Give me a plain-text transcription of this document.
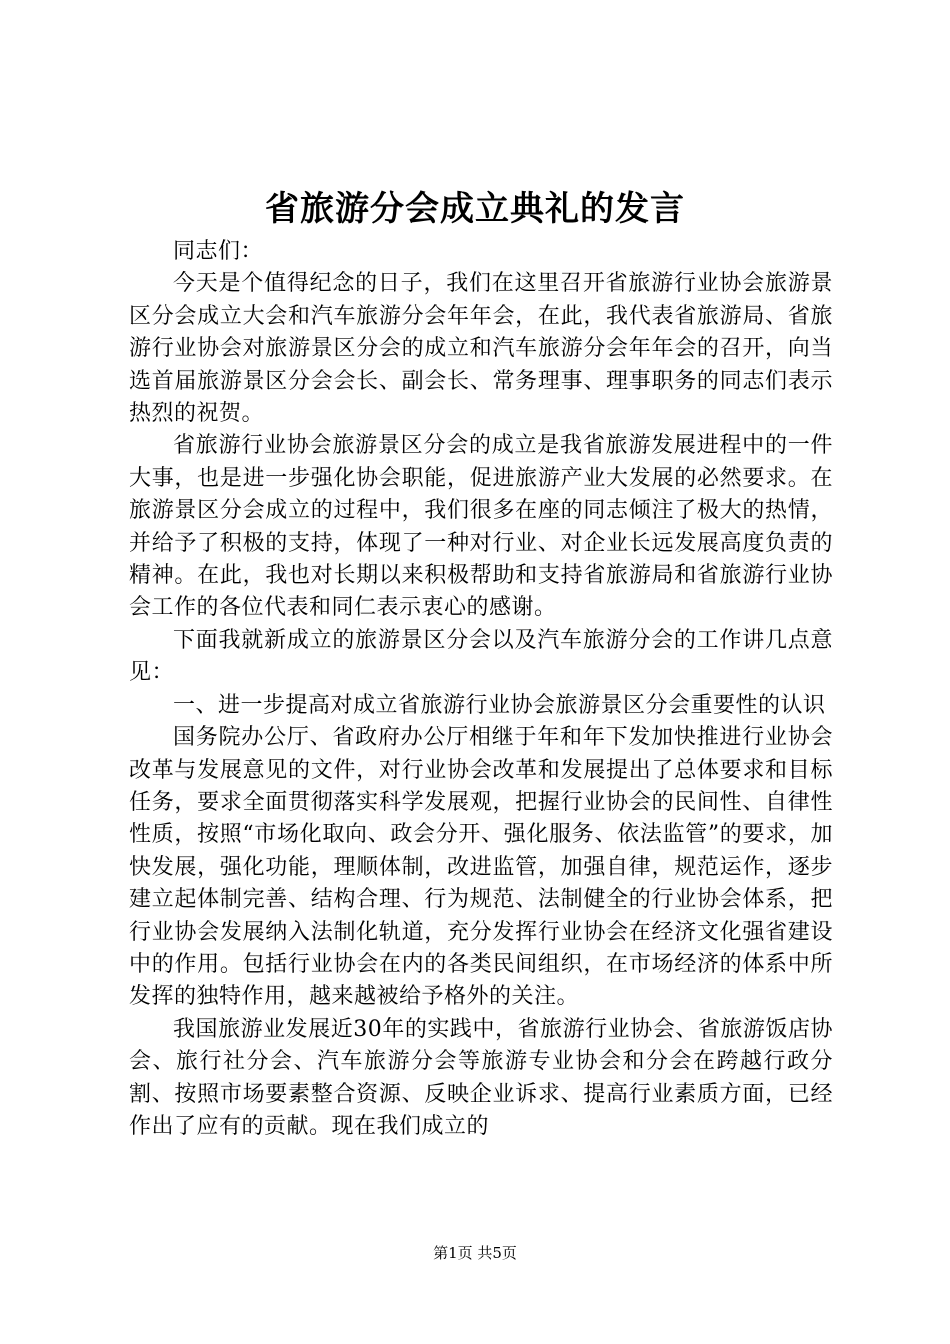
省旅游分会成立典礼的发言

同志们：

今天是个值得纪念的日子，我们在这里召开省旅游行业协会旅游景区分会成立大会和汽车旅游分会年年会，在此，我代表省旅游局、省旅游行业协会对旅游景区分会的成立和汽车旅游分会年年会的召开，向当选首届旅游景区分会会长、副会长、常务理事、理事职务的同志们表示热烈的祝贺。

省旅游行业协会旅游景区分会的成立是我省旅游发展进程中的一件大事，也是进一步强化协会职能，促进旅游产业大发展的必然要求。在旅游景区分会成立的过程中，我们很多在座的同志倾注了极大的热情，并给予了积极的支持，体现了一种对行业、对企业长远发展高度负责的精神。在此，我也对长期以来积极帮助和支持省旅游局和省旅游行业协会工作的各位代表和同仁表示衷心的感谢。

下面我就新成立的旅游景区分会以及汽车旅游分会的工作讲几点意见：

一、进一步提高对成立省旅游行业协会旅游景区分会重要性的认识

国务院办公厅、省政府办公厅相继于年和年下发加快推进行业协会改革与发展意见的文件，对行业协会改革和发展提出了总体要求和目标任务，要求全面贯彻落实科学发展观，把握行业协会的民间性、自律性性质，按照“市场化取向、政会分开、强化服务、依法监管”的要求，加快发展，强化功能，理顺体制，改进监管，加强自律，规范运作，逐步建立起体制完善、结构合理、行为规范、法制健全的行业协会体系，把行业协会发展纳入法制化轨道，充分发挥行业协会在经济文化强省建设中的作用。包括行业协会在内的各类民间组织，在市场经济的体系中所发挥的独特作用，越来越被给予格外的关注。

我国旅游业发展近30年的实践中，省旅游行业协会、省旅游饭店协会、旅行社分会、汽车旅游分会等旅游专业协会和分会在跨越行政分割、按照市场要素整合资源、反映企业诉求、提高行业素质方面，已经作出了应有的贡献。现在我们成立的

第1页 共5页
